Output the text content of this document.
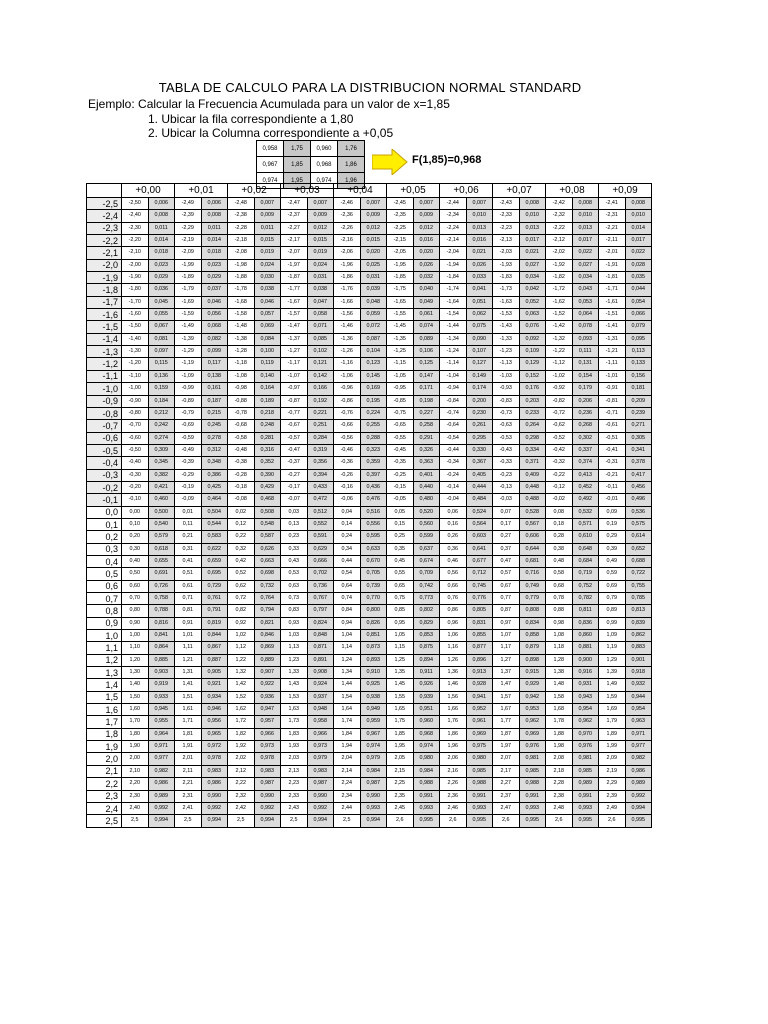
TABLA DE CALCULO PARA LA DISTRIBUCION NORMAL STANDARD
Ejemplo: Calcular la Frecuencia Acumulada para un valor de x=1,85
1. Ubicar la fila correspondiente a 1,80
2. Ubicar la Columna correspondiente a +0,05
0,958	1,75	0,960	1,76
0,967	1,85	0,968	1,86
0,974	1,95	0,974	1,96
F(1,85)=0,968
	+0,00	+0,01	+0,02	+0,03	+0,04	+0,05	+0,06	+0,07	+0,08	+0,09
-2,5	-2,50 0,006	-2,49 0,006	-2,48 0,007	-2,47 0,007	-2,46 0,007	-2,45 0,007	-2,44 0,007	-2,43 0,008	-2,42 0,008	-2,41 0,008

-2,4	-2,40 0,008	-2,39 0,008	-2,38 0,009	-2,37 0,009	-2,36 0,009	-2,35 0,009	-2,34 0,010	-2,33 0,010	-2,32 0,010	-2,31 0,010

-2,3	-2,30 0,011	-2,29 0,011	-2,28 0,011	-2,27 0,012	-2,26 0,012	-2,25 0,012	-2,24 0,013	-2,23 0,013	-2,22 0,013	-2,21 0,014

-2,2	-2,20 0,014	-2,19 0,014	-2,18 0,015	-2,17 0,015	-2,16 0,015	-2,15 0,016	-2,14 0,016	-2,13 0,017	-2,12 0,017	-2,11 0,017

-2,1	-2,10 0,018	-2,09 0,018	-2,08 0,019	-2,07 0,019	-2,06 0,020	-2,05 0,020	-2,04 0,021	-2,03 0,021	-2,02 0,022	-2,01 0,022

-2,0	-2,00 0,023	-1,99 0,023	-1,98 0,024	-1,97 0,024	-1,96 0,025	-1,95 0,026	-1,94 0,026	-1,93 0,027	-1,92 0,027	-1,91 0,028

-1,9	-1,90 0,029	-1,89 0,029	-1,88 0,030	-1,87 0,031	-1,86 0,031	-1,85 0,032	-1,84 0,033	-1,83 0,034	-1,82 0,034	-1,81 0,035

-1,8	-1,80 0,036	-1,79 0,037	-1,78 0,038	-1,77 0,038	-1,76 0,039	-1,75 0,040	-1,74 0,041	-1,73 0,042	-1,72 0,043	-1,71 0,044

-1,7	-1,70 0,045	-1,69 0,046	-1,68 0,046	-1,67 0,047	-1,66 0,048	-1,65 0,049	-1,64 0,051	-1,63 0,052	-1,62 0,053	-1,61 0,054

-1,6	-1,60 0,055	-1,59 0,056	-1,58 0,057	-1,57 0,058	-1,56 0,059	-1,55 0,061	-1,54 0,062	-1,53 0,063	-1,52 0,064	-1,51 0,066

-1,5	-1,50 0,067	-1,49 0,068	-1,48 0,069	-1,47 0,071	-1,46 0,072	-1,45 0,074	-1,44 0,075	-1,43 0,076	-1,42 0,078	-1,41 0,079

-1,4	-1,40 0,081	-1,39 0,082	-1,38 0,084	-1,37 0,085	-1,36 0,087	-1,35 0,089	-1,34 0,090	-1,33 0,092	-1,32 0,093	-1,31 0,095

-1,3	-1,30 0,097	-1,29 0,099	-1,28 0,100	-1,27 0,102	-1,26 0,104	-1,25 0,106	-1,24 0,107	-1,23 0,109	-1,22 0,111	-1,21 0,113

-1,2	-1,20 0,115	-1,19 0,117	-1,18 0,119	-1,17 0,121	-1,16 0,123	-1,15 0,125	-1,14 0,127	-1,13 0,129	-1,12 0,131	-1,11 0,133

-1,1	-1,10 0,136	-1,09 0,138	-1,08 0,140	-1,07 0,142	-1,06 0,145	-1,05 0,147	-1,04 0,149	-1,03 0,152	-1,02 0,154	-1,01 0,156

-1,0	-1,00 0,159	-0,99 0,161	-0,98 0,164	-0,97 0,166	-0,96 0,169	-0,95 0,171	-0,94 0,174	-0,93 0,176	-0,92 0,179	-0,91 0,181

-0,9	-0,90 0,184	-0,89 0,187	-0,88 0,189	-0,87 0,192	-0,86 0,195	-0,85 0,198	-0,84 0,200	-0,83 0,203	-0,82 0,206	-0,81 0,209

-0,8	-0,80 0,212	-0,79 0,215	-0,78 0,218	-0,77 0,221	-0,76 0,224	-0,75 0,227	-0,74 0,230	-0,73 0,233	-0,72 0,236	-0,71 0,239

-0,7	-0,70 0,242	-0,69 0,245	-0,68 0,248	-0,67 0,251	-0,66 0,255	-0,65 0,258	-0,64 0,261	-0,63 0,264	-0,62 0,268	-0,61 0,271

-0,6	-0,60 0,274	-0,59 0,278	-0,58 0,281	-0,57 0,284	-0,56 0,288	-0,55 0,291	-0,54 0,295	-0,53 0,298	-0,52 0,302	-0,51 0,305

-0,5	-0,50 0,309	-0,49 0,312	-0,48 0,316	-0,47 0,319	-0,46 0,323	-0,45 0,326	-0,44 0,330	-0,43 0,334	-0,42 0,337	-0,41 0,341

-0,4	-0,40 0,345	-0,39 0,348	-0,38 0,352	-0,37 0,356	-0,36 0,359	-0,35 0,363	-0,34 0,367	-0,33 0,371	-0,32 0,374	-0,31 0,378

-0,3	-0,30 0,382	-0,29 0,386	-0,28 0,390	-0,27 0,394	-0,26 0,397	-0,25 0,401	-0,24 0,405	-0,23 0,409	-0,22 0,413	-0,21 0,417

-0,2	-0,20 0,421	-0,19 0,425	-0,18 0,429	-0,17 0,433	-0,16 0,436	-0,15 0,440	-0,14 0,444	-0,13 0,448	-0,12 0,452	-0,11 0,456

-0,1	-0,10 0,460	-0,09 0,464	-0,08 0,468	-0,07 0,472	-0,06 0,476	-0,05 0,480	-0,04 0,484	-0,03 0,488	-0,02 0,492	-0,01 0,496

0,0	0,00 0,500	0,01 0,504	0,02 0,508	0,03 0,512	0,04 0,516	0,05 0,520	0,06 0,524	0,07 0,528	0,08 0,532	0,09 0,536

0,1	0,10 0,540	0,11 0,544	0,12 0,548	0,13 0,552	0,14 0,556	0,15 0,560	0,16 0,564	0,17 0,567	0,18 0,571	0,19 0,575

0,2	0,20 0,579	0,21 0,583	0,22 0,587	0,23 0,591	0,24 0,595	0,25 0,599	0,26 0,603	0,27 0,606	0,28 0,610	0,29 0,614

0,3	0,30 0,618	0,31 0,622	0,32 0,626	0,33 0,629	0,34 0,633	0,35 0,637	0,36 0,641	0,37 0,644	0,38 0,648	0,39 0,652

0,4	0,40 0,655	0,41 0,659	0,42 0,663	0,43 0,666	0,44 0,670	0,45 0,674	0,46 0,677	0,47 0,681	0,48 0,684	0,49 0,688

0,5	0,50 0,691	0,51 0,695	0,52 0,698	0,53 0,702	0,54 0,705	0,55 0,709	0,56 0,712	0,57 0,716	0,58 0,719	0,59 0,722

0,6	0,60 0,726	0,61 0,729	0,62 0,732	0,63 0,736	0,64 0,739	0,65 0,742	0,66 0,745	0,67 0,749	0,68 0,752	0,69 0,755

0,7	0,70 0,758	0,71 0,761	0,72 0,764	0,73 0,767	0,74 0,770	0,75 0,773	0,76 0,776	0,77 0,779	0,78 0,782	0,79 0,785

0,8	0,80 0,788	0,81 0,791	0,82 0,794	0,83 0,797	0,84 0,800	0,85 0,802	0,86 0,805	0,87 0,808	0,88 0,811	0,89 0,813

0,9	0,90 0,816	0,91 0,819	0,92 0,821	0,93 0,824	0,94 0,826	0,95 0,829	0,96 0,831	0,97 0,834	0,98 0,836	0,99 0,839

1,0	1,00 0,841	1,01 0,844	1,02 0,846	1,03 0,848	1,04 0,851	1,05 0,853	1,06 0,855	1,07 0,858	1,08 0,860	1,09 0,862

1,1	1,10 0,864	1,11 0,867	1,12 0,869	1,13 0,871	1,14 0,873	1,15 0,875	1,16 0,877	1,17 0,879	1,18 0,881	1,19 0,883

1,2	1,20 0,885	1,21 0,887	1,22 0,889	1,23 0,891	1,24 0,893	1,25 0,894	1,26 0,896	1,27 0,898	1,28 0,900	1,29 0,901

1,3	1,30 0,903	1,31 0,905	1,32 0,907	1,33 0,908	1,34 0,910	1,35 0,911	1,36 0,913	1,37 0,915	1,38 0,916	1,39 0,918

1,4	1,40 0,919	1,41 0,921	1,42 0,922	1,43 0,924	1,44 0,925	1,45 0,926	1,46 0,928	1,47 0,929	1,48 0,931	1,49 0,932

1,5	1,50 0,933	1,51 0,934	1,52 0,936	1,53 0,937	1,54 0,938	1,55 0,939	1,56 0,941	1,57 0,942	1,58 0,943	1,59 0,944

1,6	1,60 0,945	1,61 0,946	1,62 0,947	1,63 0,948	1,64 0,949	1,65 0,951	1,66 0,952	1,67 0,953	1,68 0,954	1,69 0,954

1,7	1,70 0,955	1,71 0,956	1,72 0,957	1,73 0,958	1,74 0,959	1,75 0,960	1,76 0,961	1,77 0,962	1,78 0,962	1,79 0,963

1,8	1,80 0,964	1,81 0,965	1,82 0,966	1,83 0,966	1,84 0,967	1,85 0,968	1,86 0,969	1,87 0,969	1,88 0,970	1,89 0,971

1,9	1,90 0,971	1,91 0,972	1,92 0,973	1,93 0,973	1,94 0,974	1,95 0,974	1,96 0,975	1,97 0,976	1,98 0,976	1,99 0,977

2,0	2,00 0,977	2,01 0,978	2,02 0,978	2,03 0,979	2,04 0,979	2,05 0,980	2,06 0,980	2,07 0,981	2,08 0,981	2,09 0,982

2,1	2,10 0,982	2,11 0,983	2,12 0,983	2,13 0,983	2,14 0,984	2,15 0,984	2,16 0,985	2,17 0,985	2,18 0,985	2,19 0,986

2,2	2,20 0,986	2,21 0,986	2,22 0,987	2,23 0,987	2,24 0,987	2,25 0,988	2,26 0,988	2,27 0,988	2,28 0,989	2,29 0,989

2,3	2,30 0,989	2,31 0,990	2,32 0,990	2,33 0,990	2,34 0,990	2,35 0,991	2,36 0,991	2,37 0,991	2,38 0,991	2,39 0,992

2,4	2,40 0,992	2,41 0,992	2,42 0,992	2,43 0,992	2,44 0,993	2,45 0,993	2,46 0,993	2,47 0,993	2,48 0,993	2,49 0,994

2,5	2,5 0,994	2,5 0,994	2,5 0,994	2,5 0,994	2,5 0,994	2,6 0,995	2,6 0,995	2,6 0,995	2,6 0,995	2,6 0,995
